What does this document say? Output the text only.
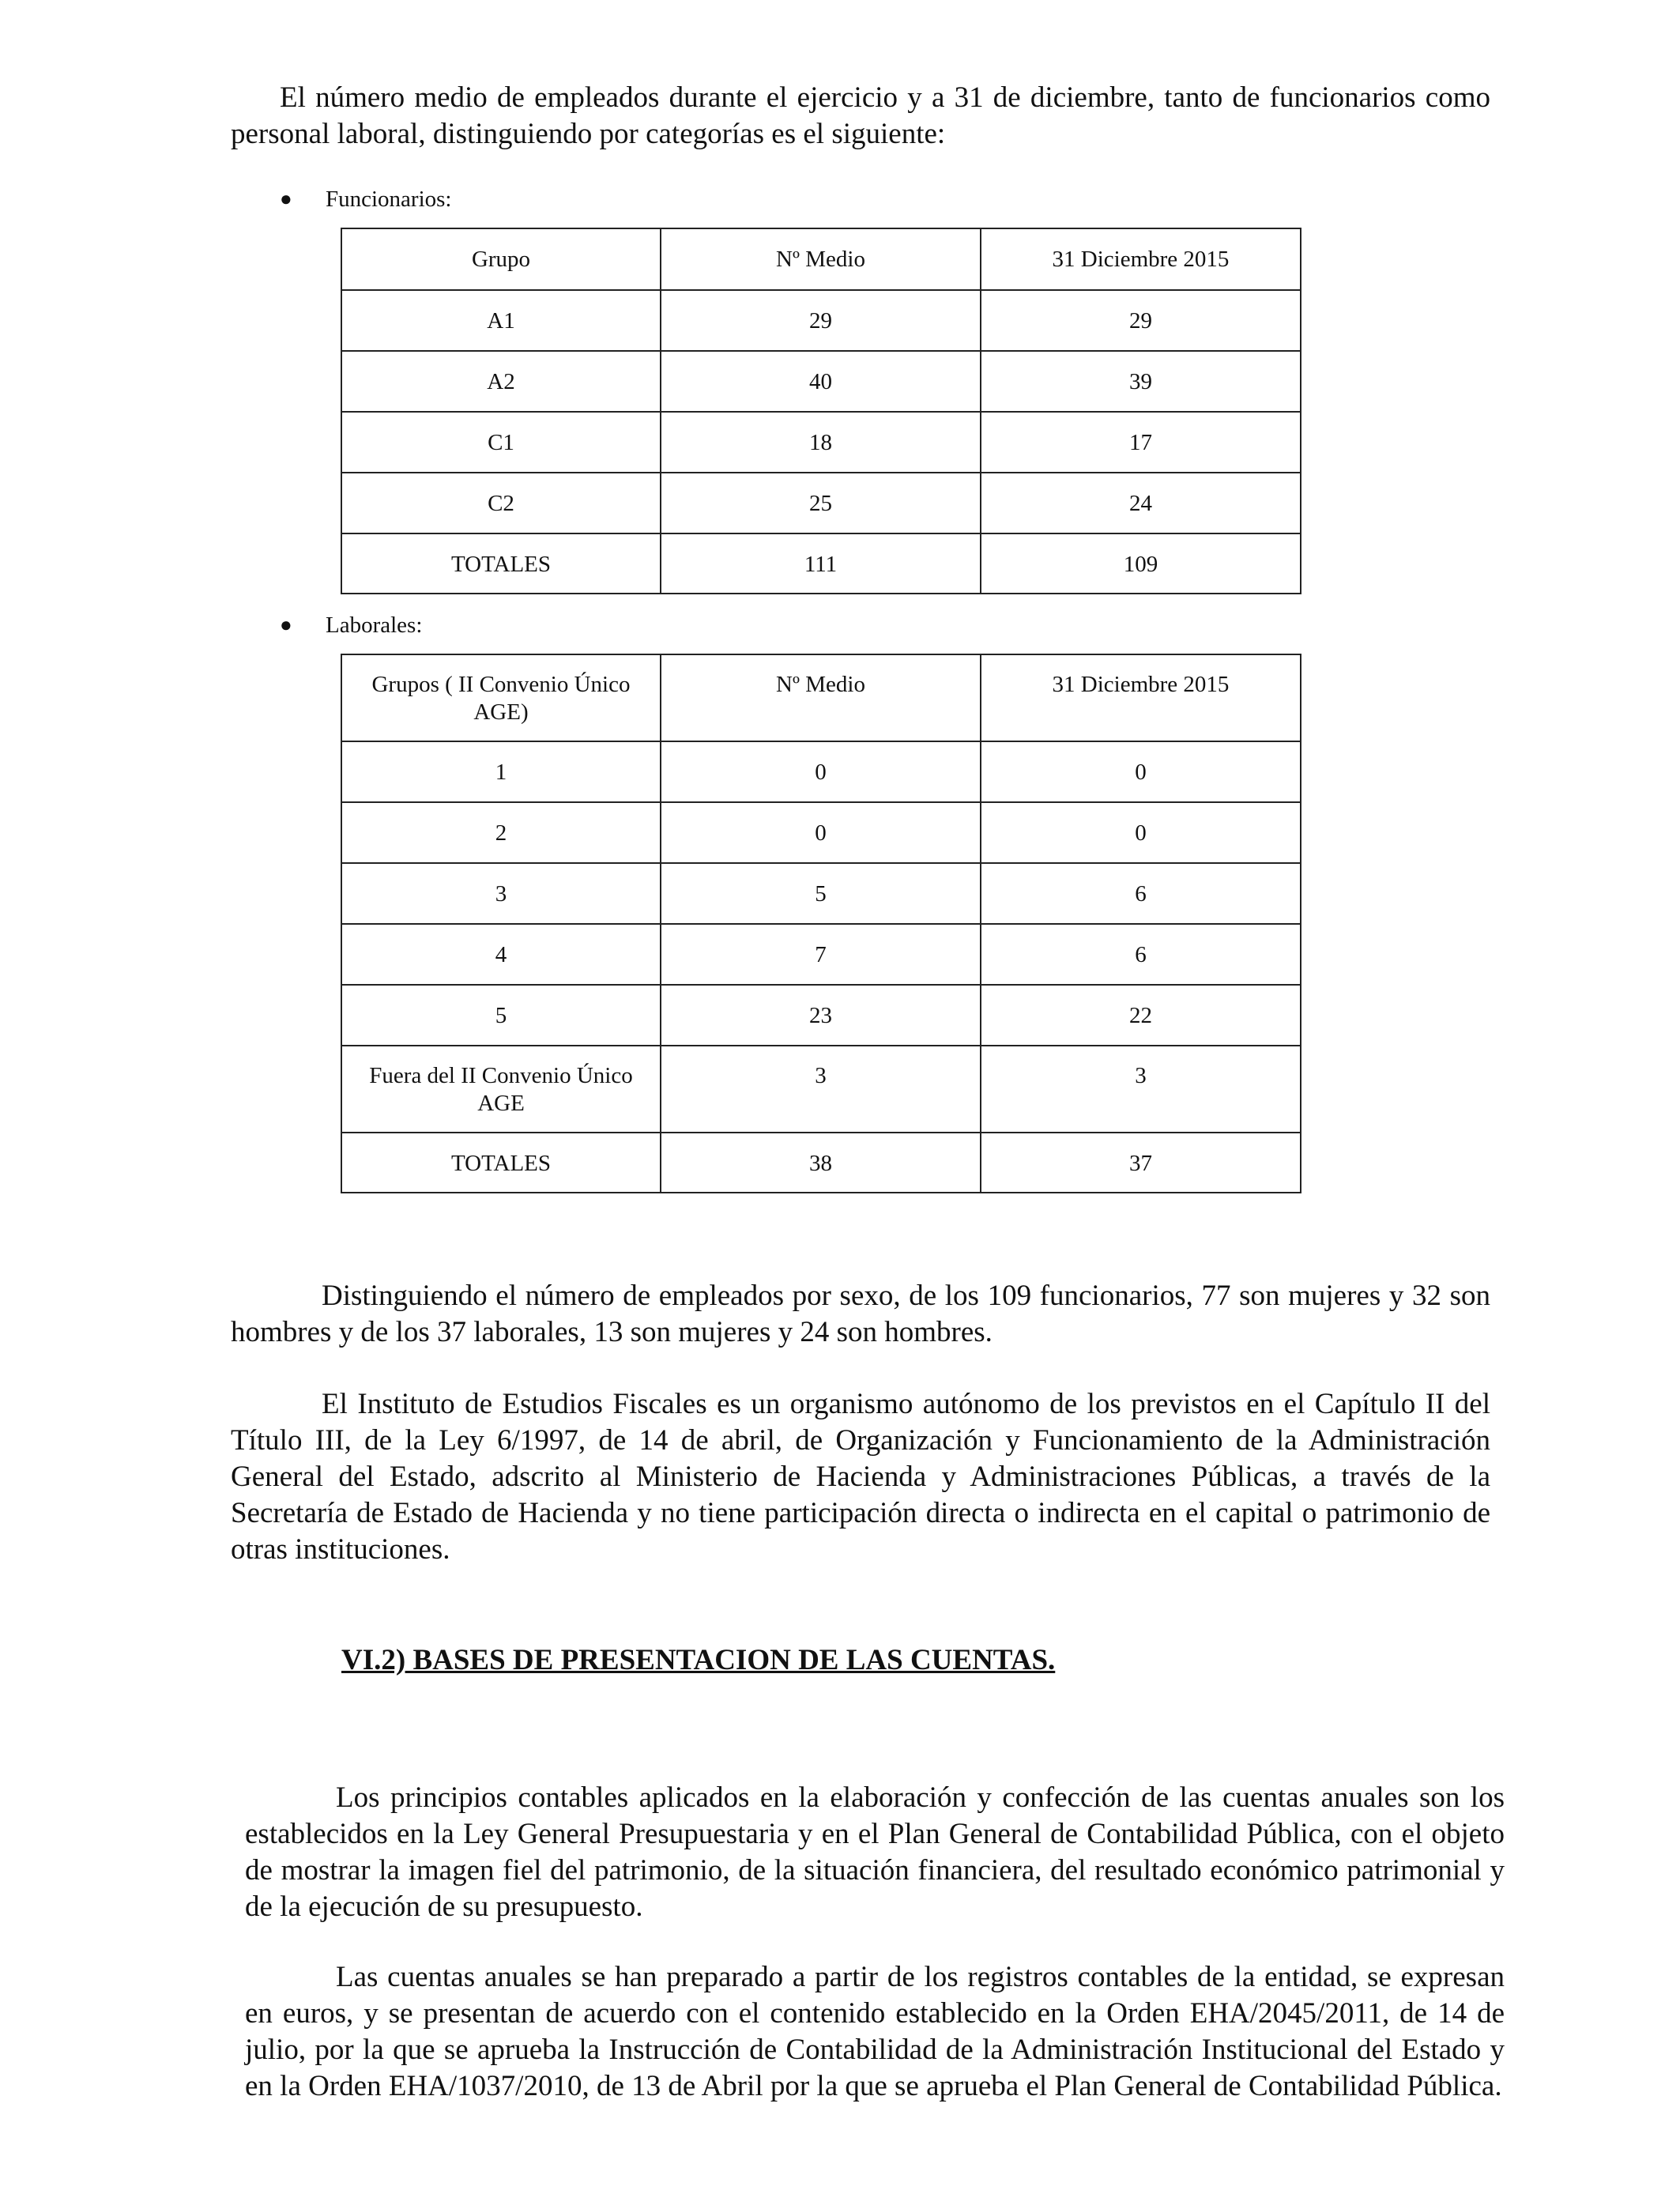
El número medio de empleados durante el ejercicio y a 31 de diciembre, tanto de funcionarios como personal laboral, distinguiendo por categorías es el siguiente:

● Funcionarios:
Grupo	Nº Medio	31 Diciembre 2015
A1	29	29
A2	40	39
C1	18	17
C2	25	24
TOTALES	111	109
● Laborales:
Grupos ( II Convenio Único AGE)	Nº Medio	31 Diciembre 2015
1	0	0
2	0	0
3	5	6
4	7	6
5	23	22
Fuera del II Convenio Único AGE	3	3
TOTALES	38	37

Distinguiendo el número de empleados por sexo, de los 109 funcionarios, 77 son mujeres y 32 son hombres y de los 37 laborales, 13 son mujeres y 24 son hombres.

El Instituto de Estudios Fiscales es un organismo autónomo de los previstos en el Capítulo II del Título III, de la Ley 6/1997, de 14 de abril, de Organización y Funcionamiento de la Administración General del Estado, adscrito al Ministerio de Hacienda y Administraciones Públicas, a través de la Secretaría de Estado de Hacienda y no tiene participación directa o indirecta en el capital o patrimonio de otras instituciones.

VI.2) BASES DE PRESENTACION DE LAS CUENTAS.

Los principios contables aplicados en la elaboración y confección de las cuentas anuales son los establecidos en la Ley General Presupuestaria y en el Plan General de Contabilidad Pública, con el objeto de mostrar la imagen fiel del patrimonio, de la situación financiera, del resultado económico patrimonial y de la ejecución de su presupuesto.

Las cuentas anuales se han preparado a partir de los registros contables de la entidad, se expresan en euros, y se presentan de acuerdo con el contenido establecido en la Orden EHA/2045/2011, de 14 de julio, por la que se aprueba la Instrucción de Contabilidad de la Administración Institucional del Estado y en la Orden EHA/1037/2010, de 13 de Abril por la que se aprueba el Plan General de Contabilidad Pública.
